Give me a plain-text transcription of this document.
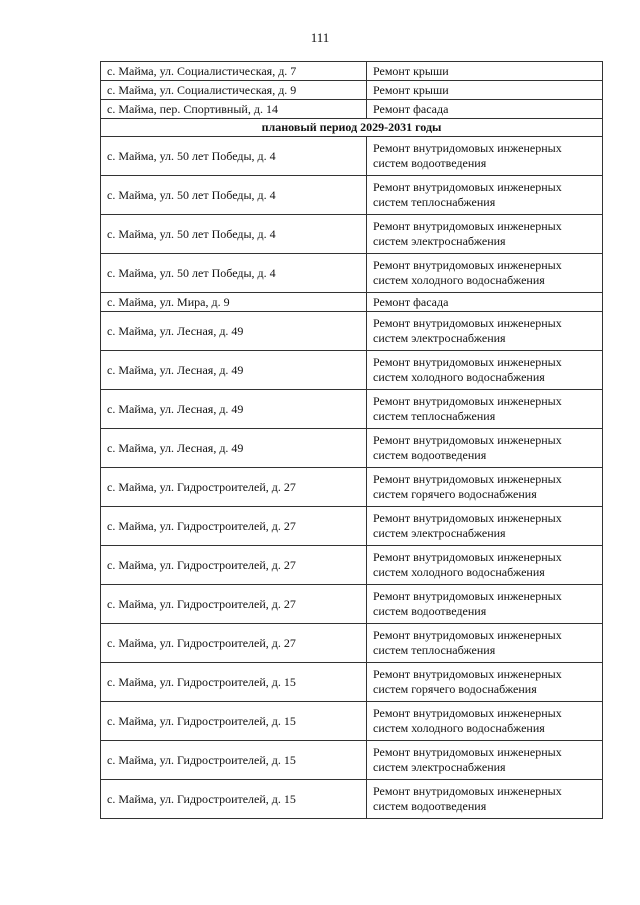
111
с. Майма, ул. Социалистическая, д. 7	Ремонт крыши
с. Майма, ул. Социалистическая, д. 9	Ремонт крыши
с. Майма, пер. Спортивный, д. 14	Ремонт фасада
плановый период 2029-2031 годы	
с. Майма, ул. 50 лет Победы, д. 4	Ремонт внутридомовых инженерных систем водоотведения
с. Майма, ул. 50 лет Победы, д. 4	Ремонт внутридомовых инженерных систем теплоснабжения
с. Майма, ул. 50 лет Победы, д. 4	Ремонт внутридомовых инженерных систем электроснабжения
с. Майма, ул. 50 лет Победы, д. 4	Ремонт внутридомовых инженерных систем холодного водоснабжения
с. Майма, ул. Мира, д. 9	Ремонт фасада
с. Майма, ул. Лесная, д. 49	Ремонт внутридомовых инженерных систем электроснабжения
с. Майма, ул. Лесная, д. 49	Ремонт внутридомовых инженерных систем холодного водоснабжения
с. Майма, ул. Лесная, д. 49	Ремонт внутридомовых инженерных систем теплоснабжения
с. Майма, ул. Лесная, д. 49	Ремонт внутридомовых инженерных систем водоотведения
с. Майма, ул. Гидростроителей, д. 27	Ремонт внутридомовых инженерных систем горячего водоснабжения
с. Майма, ул. Гидростроителей, д. 27	Ремонт внутридомовых инженерных систем электроснабжения
с. Майма, ул. Гидростроителей, д. 27	Ремонт внутридомовых инженерных систем холодного водоснабжения
с. Майма, ул. Гидростроителей, д. 27	Ремонт внутридомовых инженерных систем водоотведения
с. Майма, ул. Гидростроителей, д. 27	Ремонт внутридомовых инженерных систем теплоснабжения
с. Майма, ул. Гидростроителей, д. 15	Ремонт внутридомовых инженерных систем горячего водоснабжения
с. Майма, ул. Гидростроителей, д. 15	Ремонт внутридомовых инженерных систем холодного водоснабжения
с. Майма, ул. Гидростроителей, д. 15	Ремонт внутридомовых инженерных систем электроснабжения
с. Майма, ул. Гидростроителей, д. 15	Ремонт внутридомовых инженерных систем водоотведения
